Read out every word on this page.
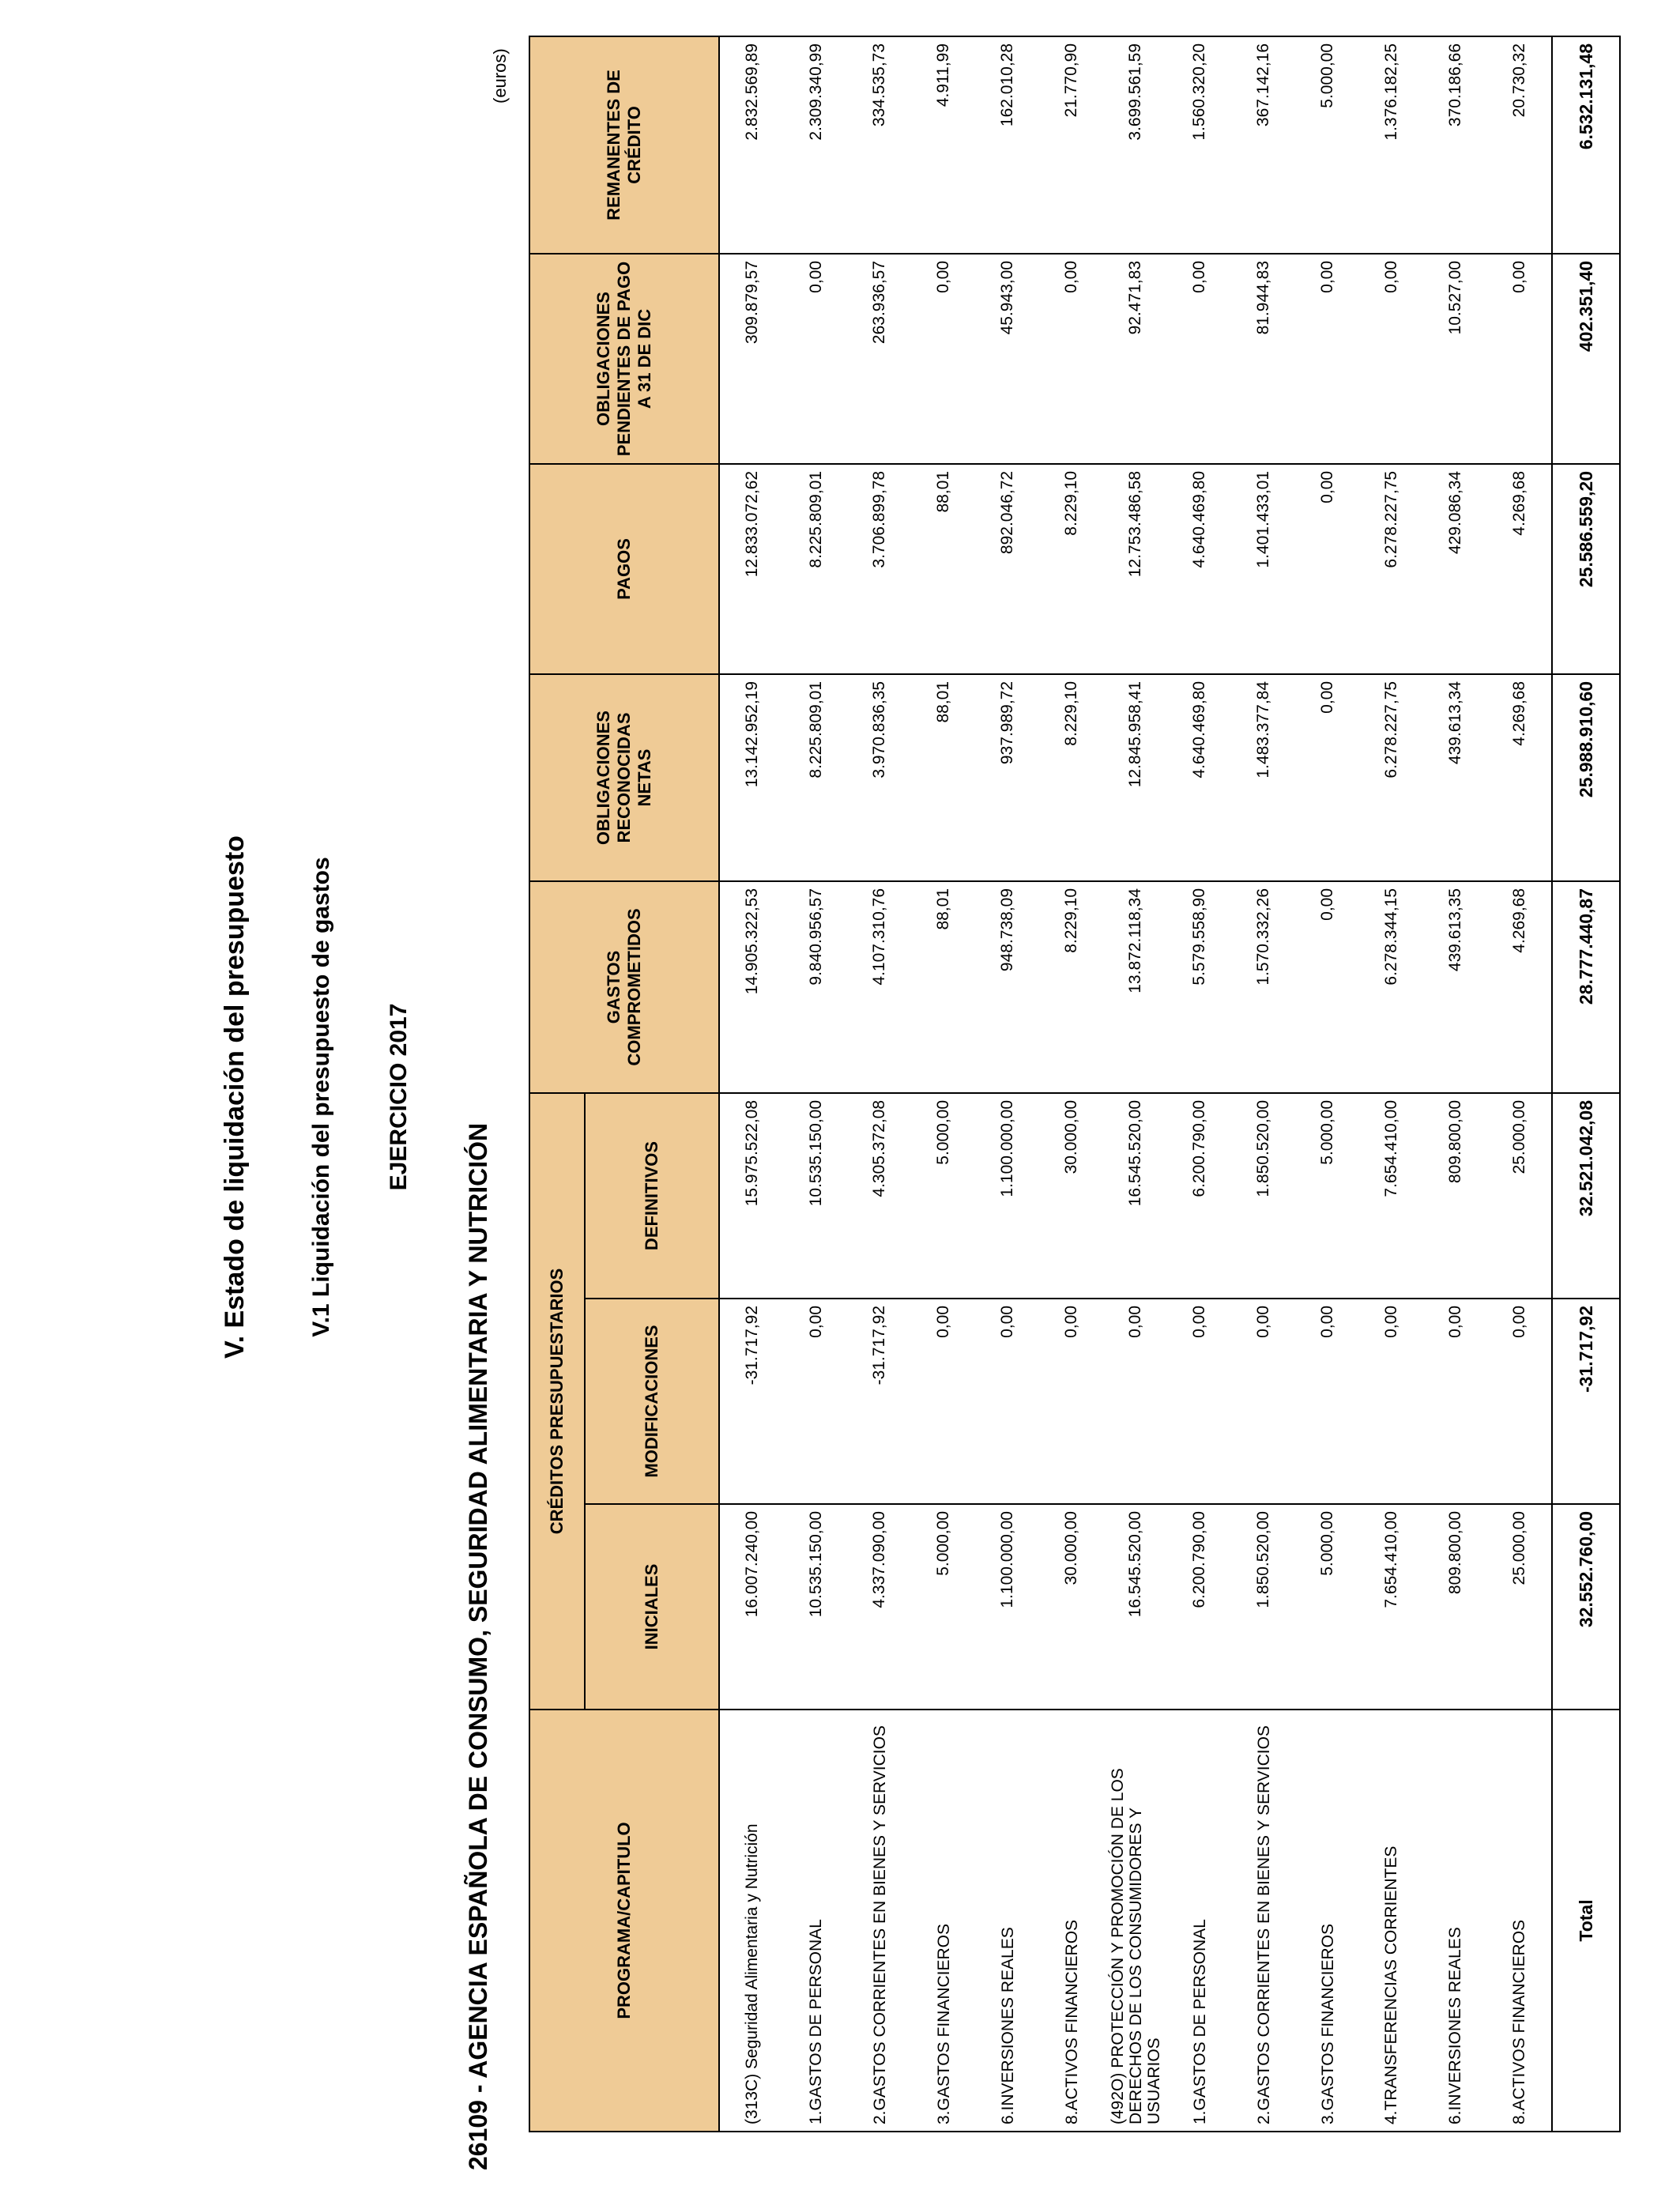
V. Estado de liquidación del presupuesto V.1 Liquidación del presupuesto de gastos EJERCICIO 2017
26109 - AGENCIA ESPAÑOLA DE CONSUMO, SEGURIDAD ALIMENTARIA Y NUTRICIÓN
(euros)
PROGRAMA/CAPITULO	CRÉDITOS PRESUPUESTARIOS			GASTOS COMPROMETIDOS	OBLIGACIONES RECONOCIDAS NETAS	PAGOS	OBLIGACIONES PENDIENTES DE PAGO A 31 DE DIC	REMANENTES DE CRÉDITO
	INICIALES	MODIFICACIONES	DEFINITIVOS					
(313C) Seguridad Alimentaria y Nutrición	16.007.240,00	-31.717,92	15.975.522,08	14.905.322,53	13.142.952,19	12.833.072,62	309.879,57	2.832.569,89
1.GASTOS DE PERSONAL	10.535.150,00	0,00	10.535.150,00	9.840.956,57	8.225.809,01	8.225.809,01	0,00	2.309.340,99
2.GASTOS CORRIENTES EN BIENES Y SERVICIOS	4.337.090,00	-31.717,92	4.305.372,08	4.107.310,76	3.970.836,35	3.706.899,78	263.936,57	334.535,73
3.GASTOS FINANCIEROS	5.000,00	0,00	5.000,00	88,01	88,01	88,01	0,00	4.911,99
6.INVERSIONES REALES	1.100.000,00	0,00	1.100.000,00	948.738,09	937.989,72	892.046,72	45.943,00	162.010,28
8.ACTIVOS FINANCIEROS	30.000,00	0,00	30.000,00	8.229,10	8.229,10	8.229,10	0,00	21.770,90
(492O) PROTECCIÓN Y PROMOCIÓN DE LOS DERECHOS DE LOS CONSUMIDORES Y USUARIOS	16.545.520,00	0,00	16.545.520,00	13.872.118,34	12.845.958,41	12.753.486,58	92.471,83	3.699.561,59
1.GASTOS DE PERSONAL	6.200.790,00	0,00	6.200.790,00	5.579.558,90	4.640.469,80	4.640.469,80	0,00	1.560.320,20
2.GASTOS CORRIENTES EN BIENES Y SERVICIOS	1.850.520,00	0,00	1.850.520,00	1.570.332,26	1.483.377,84	1.401.433,01	81.944,83	367.142,16
3.GASTOS FINANCIEROS	5.000,00	0,00	5.000,00	0,00	0,00	0,00	0,00	5.000,00
4.TRANSFERENCIAS CORRIENTES	7.654.410,00	0,00	7.654.410,00	6.278.344,15	6.278.227,75	6.278.227,75	0,00	1.376.182,25
6.INVERSIONES REALES	809.800,00	0,00	809.800,00	439.613,35	439.613,34	429.086,34	10.527,00	370.186,66
8.ACTIVOS FINANCIEROS	25.000,00	0,00	25.000,00	4.269,68	4.269,68	4.269,68	0,00	20.730,32
Total	32.552.760,00	-31.717,92	32.521.042,08	28.777.440,87	25.988.910,60	25.586.559,20	402.351,40	6.532.131,48
